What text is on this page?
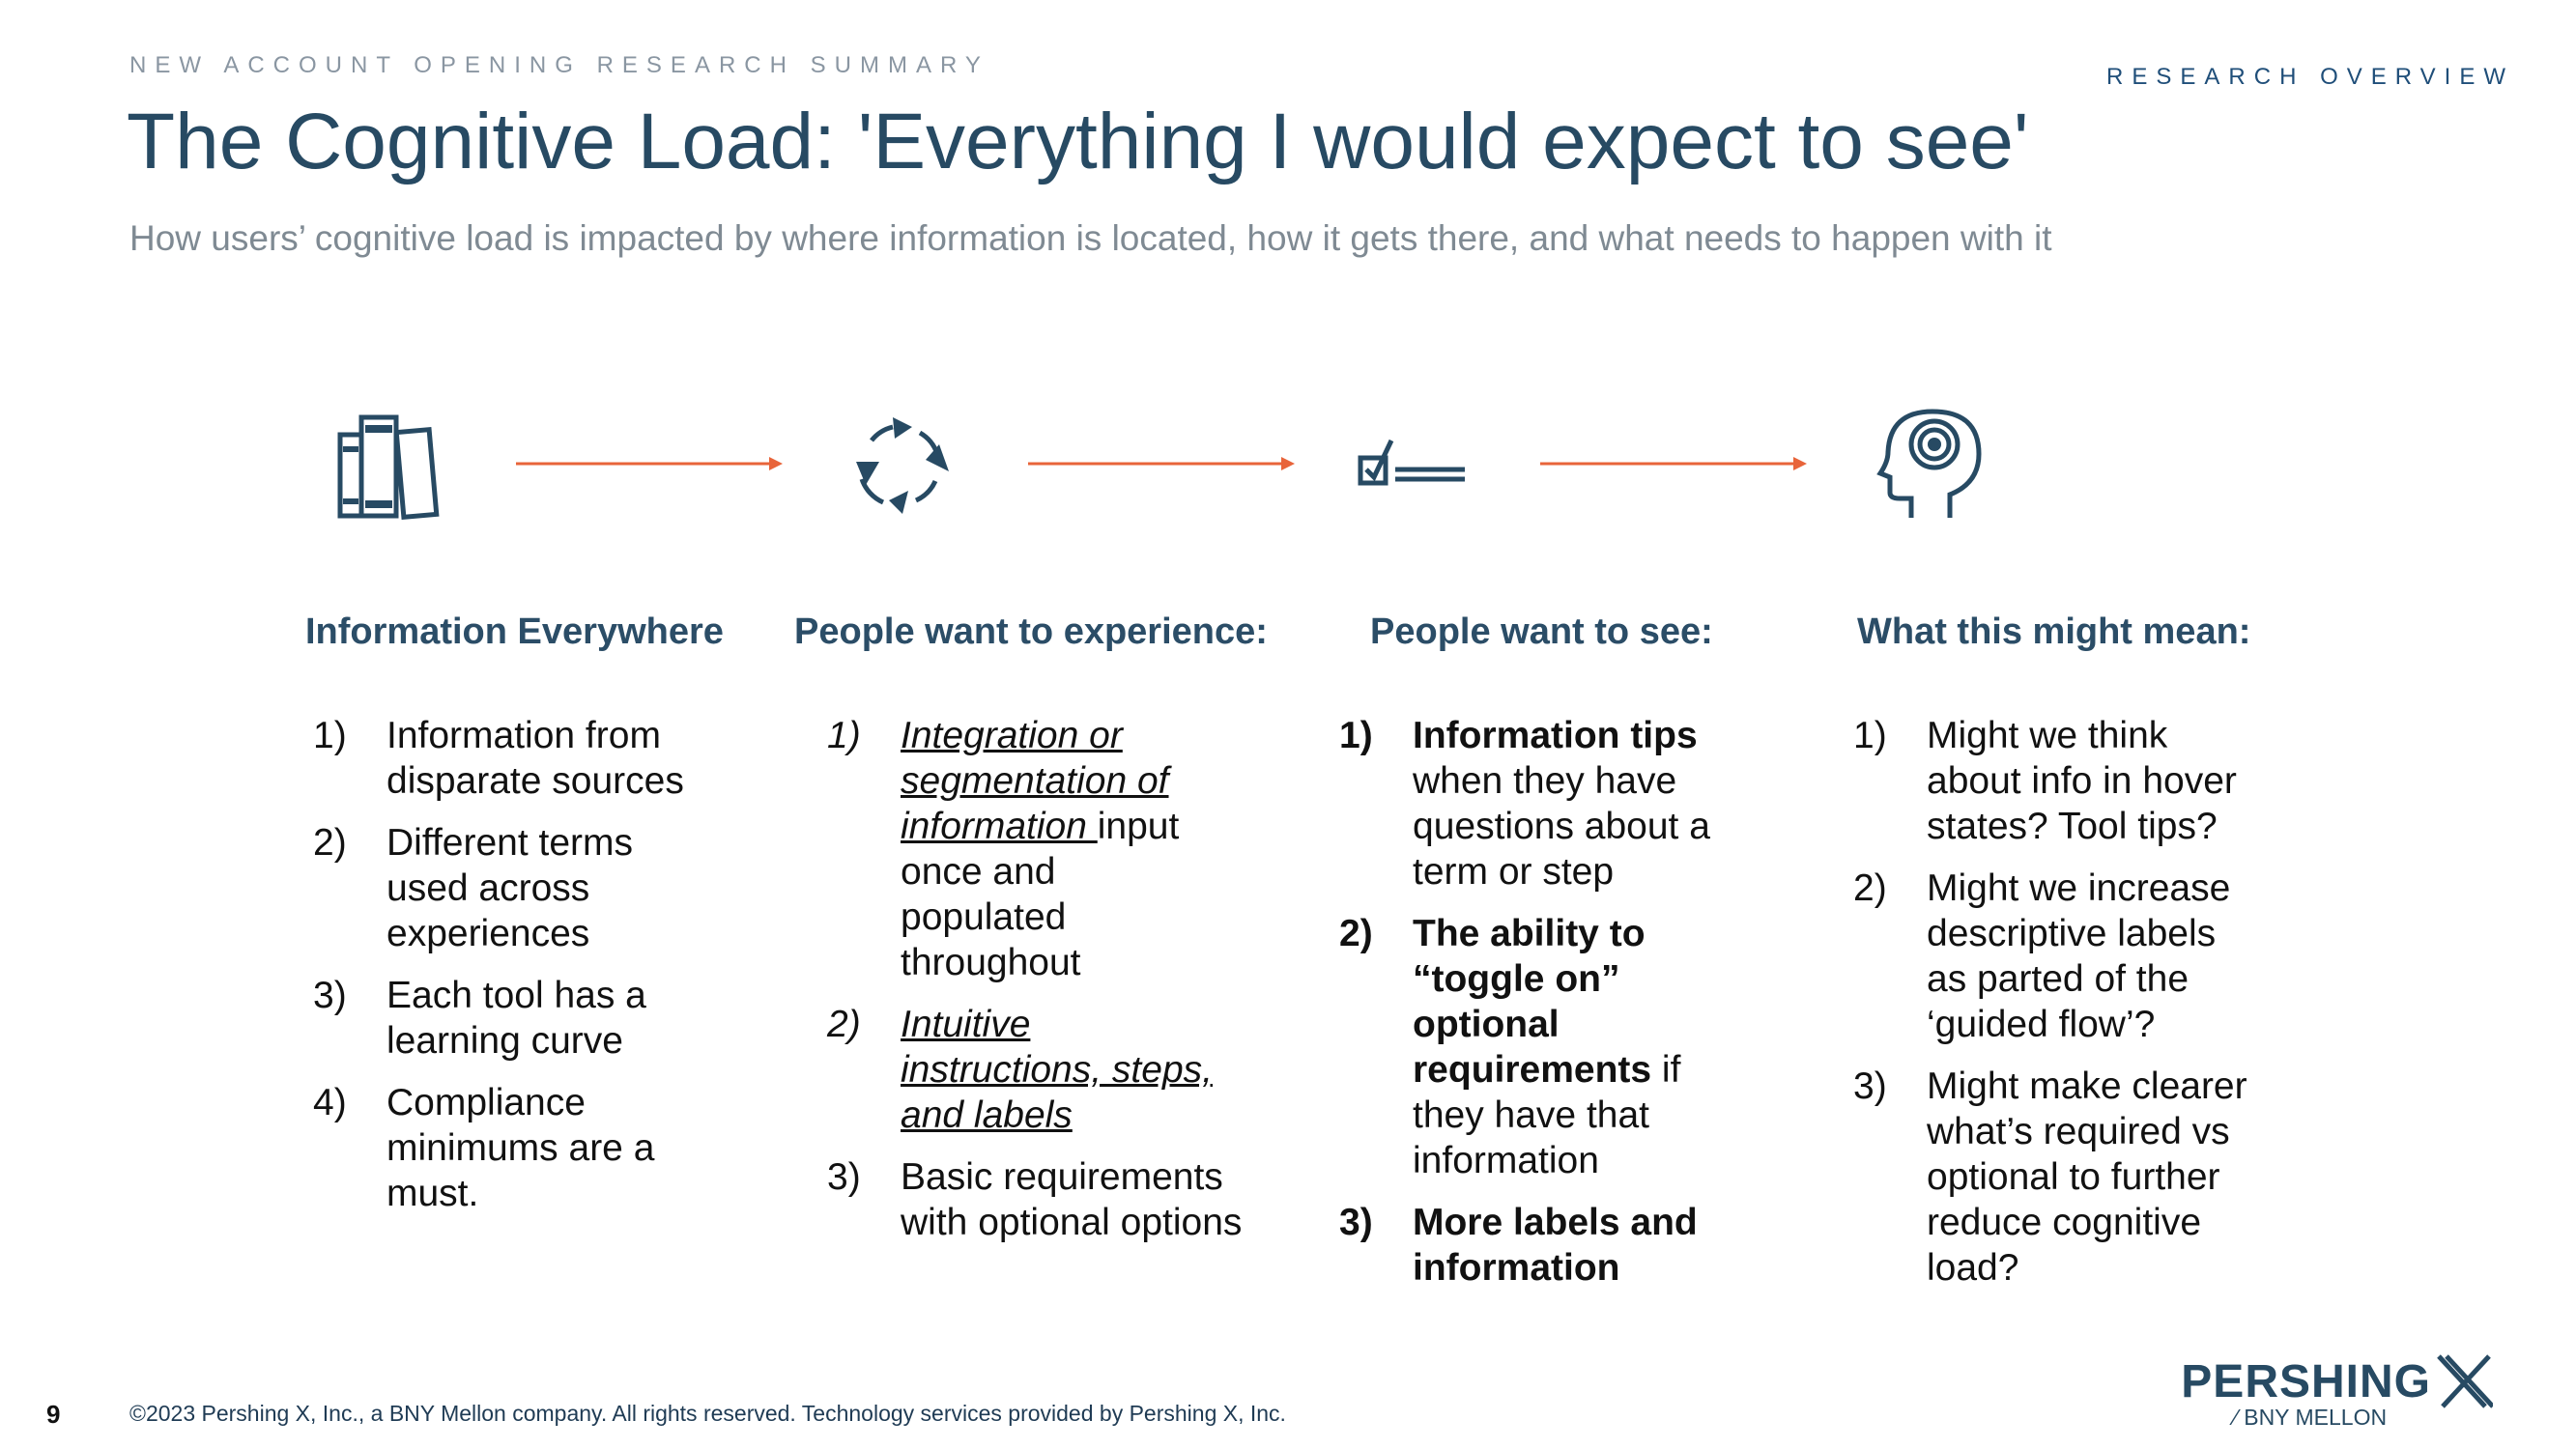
NEW ACCOUNT OPENING RESEARCH SUMMARY	RESEARCH OVERVIEW
The Cognitive Load: 'Everything I would expect to see'
How users’ cognitive load is impacted by where information is located, how it gets there, and what needs to happen with it
Information Everywhere People want to experience:	People want to see:	What this might mean:
1)	Information from disparate sources
2)	Different terms used across experiences
3)	Each tool has a learning curve
4)	Compliance minimums are a must.
1)	Integration or segmentation of information input once and populated throughout
2)	Intuitive instructions, steps, and labels
3)	Basic requirements with optional options
1)	Information tips when they have questions about a term or step
2)	The ability to “toggle on” optional requirements if they have that information
3)	More labels and information
1)	Might we think about info in hover states? Tool tips?
2)	Might we increase descriptive labels as parted of the ‘guided flow’?
3)	Might make clearer what’s required vs optional to further reduce cognitive load?
9	©2023 Pershing X, Inc., a BNY Mellon company. All rights reserved. Technology services provided by Pershing X, Inc.
PERSHING
⁄ BNY MELLON
